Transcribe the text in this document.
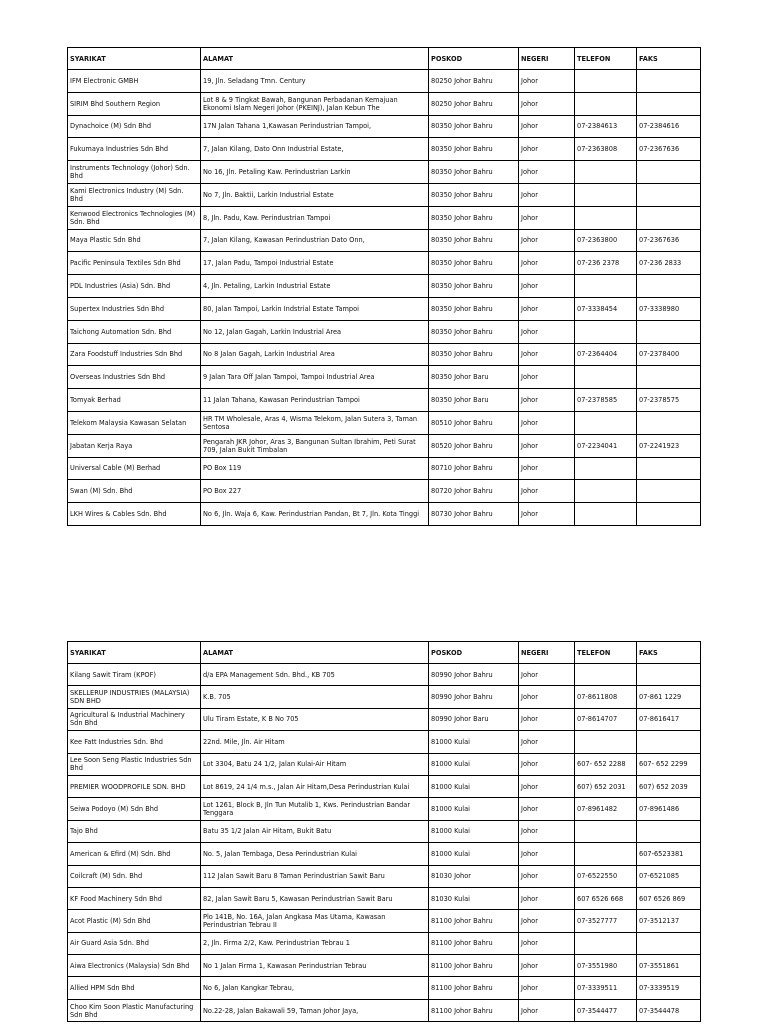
SYARIKAT	ALAMAT	POSKOD	NEGERI	TELEFON	FAKS
IFM Electronic GMBH	19, Jln. Seladang Tmn. Century	80250 Johor Bahru	Johor		
SIRIM Bhd Southern Region	Lot 8 & 9 Tingkat Bawah, Bangunan Perbadanan Kemajuan Ekonomi Islam Negeri Johor (PKEINJ), Jalan Kebun The	80250 Johor Bahru	Johor		
Dynachoice (M) Sdn Bhd	17N Jalan Tahana 1,Kawasan Perindustrian Tampoi,	80350 Johor Bahru	Johor	07-2384613	07-2384616
Fukumaya Industries Sdn Bhd	7, Jalan Kilang, Dato Onn Industrial Estate,	80350 Johor Bahru	Johor	07-2363808	07-2367636
Instruments Technology (Johor) Sdn. Bhd	No 16, Jln. Petaling Kaw. Perindustrian Larkin	80350 Johor Bahru	Johor		
Kami Electronics Industry (M) Sdn. Bhd	No 7, Jln. Baktii, Larkin Industrial Estate	80350 Johor Bahru	Johor		
Kenwood Electronics Technologies (M) Sdn. Bhd	8, Jln. Padu, Kaw. Perindustrian Tampoi	80350 Johor Bahru	Johor		
Maya Plastic Sdn Bhd	7, Jalan Kilang, Kawasan Perindustrian Dato Onn,	80350 Johor Bahru	Johor	07-2363800	07-2367636
Pacific Peninsula Textiles Sdn Bhd	17, Jalan Padu, Tampoi Industrial Estate	80350 Johor Bahru	Johor	07-236 2378	07-236 2833
PDL Industries (Asia) Sdn. Bhd	4, Jln. Petaling, Larkin Industrial Estate	80350 Johor Bahru	Johor		
Supertex Industries Sdn Bhd	80, Jalan Tampoi, Larkin Indstrial Estate Tampoi	80350 Johor Bahru	Johor	07-3338454	07-3338980
Taichong Automation Sdn. Bhd	No 12, Jalan Gagah, Larkin Industrial Area	80350 Johor Bahru	Johor		
Zara Foodstuff Industries Sdn Bhd	No 8 Jalan Gagah, Larkin Industrial Area	80350 Johor Bahru	Johor	07-2364404	07-2378400
Overseas Industries Sdn Bhd	9 Jalan Tara Off Jalan Tampoi, Tampoi Industrial Area	80350 Johor Baru	Johor		
Tomyak Berhad	11 Jalan Tahana, Kawasan Perindustrian Tampoi	80350 Johor Baru	Johor	07-2378585	07-2378575
Telekom Malaysia Kawasan Selatan	HR TM Wholesale, Aras 4, Wisma Telekom, Jalan Sutera 3, Taman Sentosa	80510 Johor Bahru	Johor		
Jabatan Kerja Raya	Pengarah JKR Johor, Aras 3, Bangunan Sultan Ibrahim, Peti Surat 709, Jalan Bukit Timbalan	80520 Johor Bahru	Johor	07-2234041	07-2241923
Universal Cable (M) Berhad	PO Box 119	80710 Johor Bahru	Johor		
Swan (M) Sdn. Bhd	PO Box 227	80720 Johor Bahru	Johor		
LKH Wires & Cables Sdn. Bhd	No 6, Jln. Waja 6, Kaw. Perindustrian Pandan, Bt 7, Jln. Kota Tinggi	80730 Johor Bahru	Johor		
SYARIKAT	ALAMAT	POSKOD	NEGERI	TELEFON	FAKS
Kilang Sawit Tiram (KPOF)	d/a EPA Management Sdn. Bhd., KB 705	80990 Johor Bahru	Johor		
SKELLERUP INDUSTRIES (MALAYSIA) SDN BHD	K.B. 705	80990 Johor Bahru	Johor	07-8611808	07-861 1229
Agricultural & Industrial Machinery Sdn Bhd	Ulu Tiram Estate, K B No 705	80990 Johor Baru	Johor	07-8614707	07-8616417
Kee Fatt Industries Sdn. Bhd	22nd. Mile, Jln. Air Hitam	81000 Kulai	Johor		
Lee Soon Seng Plastic Industries Sdn Bhd	Lot 3304, Batu 24 1/2, Jalan Kulai-Air Hitam	81000 Kulai	Johor	607- 652 2288	607- 652 2299
PREMIER WOODPROFILE SDN. BHD	Lot 8619, 24 1/4 m.s., Jalan Air Hitam,Desa Perindustrian Kulai	81000 Kulai	Johor	607) 652 2031	607) 652 2039
Seiwa Podoyo (M) Sdn Bhd	Lot 1261, Block B, Jln Tun Mutalib 1, Kws. Perindustrian Bandar Tenggara	81000 Kulai	Johor	07-8961482	07-8961486
Tajo Bhd	Batu 35 1/2 Jalan Air Hitam, Bukit Batu	81000 Kulai	Johor		
American & Efird (M) Sdn. Bhd	No. 5, Jalan Tembaga, Desa Perindustrian Kulai	81000 Kulai	Johor		607-6523381
Coilcraft (M) Sdn. Bhd	112 Jalan Sawit Baru 8 Taman Perindustrian Sawit Baru	81030 Johor	Johor	07-6522550	07-6521085
KF Food Machinery Sdn Bhd	82, Jalan Sawit Baru 5, Kawasan Perindustrian Sawit Baru	81030 Kulai	Johor	607 6526 668	607 6526 869
Acot Plastic (M) Sdn Bhd	Plo 141B, No. 16A, Jalan Angkasa Mas Utama, Kawasan Perindustrian Tebrau II	81100 Johor Bahru	Johor	07-3527777	07-3512137
Air Guard Asia Sdn. Bhd	2, Jln. Firma 2/2, Kaw. Perindustrian Tebrau 1	81100 Johor Bahru	Johor		
Aiwa Electronics (Malaysia) Sdn Bhd	No 1 Jalan Firma 1, Kawasan Perindustrian Tebrau	81100 Johor Bahru	Johor	07-3551980	07-3551861
Allied HPM Sdn Bhd	No 6, Jalan Kangkar Tebrau,	81100 Johor Bahru	Johor	07-3339511	07-3339519
Choo Kim Soon Plastic Manufacturing Sdn Bhd	No.22-28, Jalan Bakawali 59, Taman Johor Jaya,	81100 Johor Bahru	Johor	07-3544477	07-3544478
